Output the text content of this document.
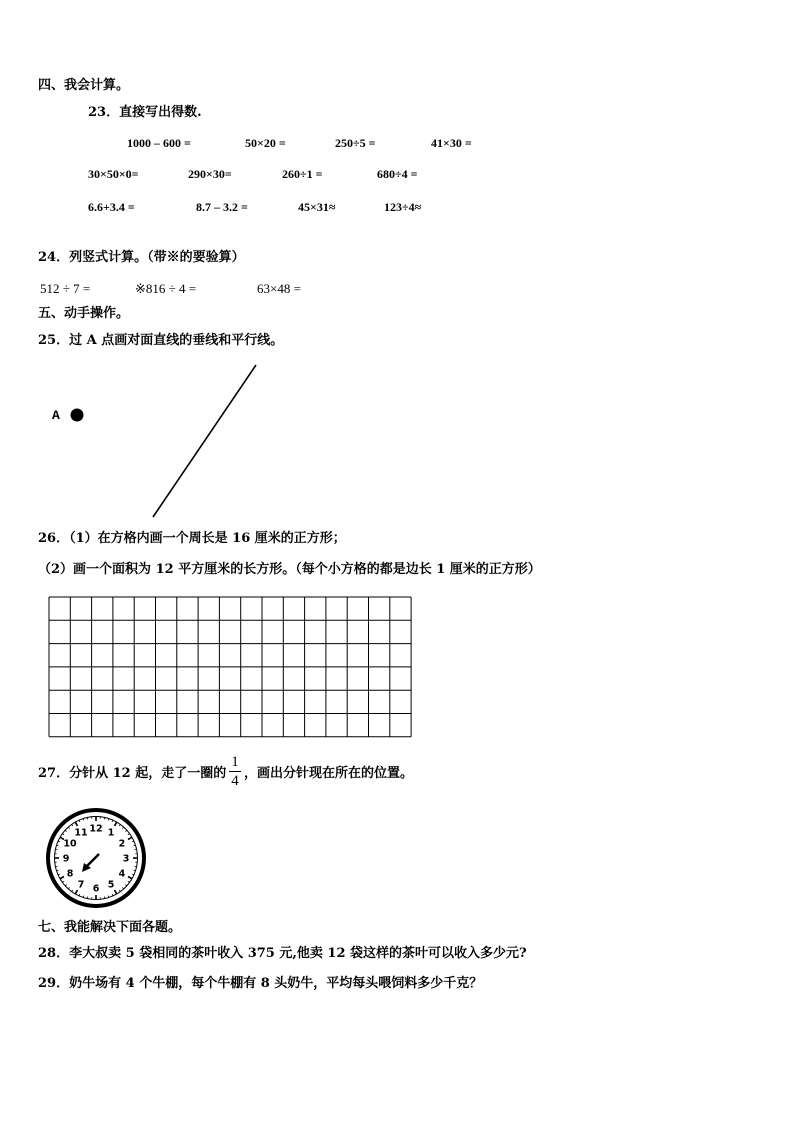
四、我会计算。
23．直接写出得数.
1000 – 600 =	50×20 =	250÷5 =	41×30 =
30×50×0=	290×30=	260÷1 =	680÷4 =
6.6+3.4 =	8.7 – 3.2 =	45×31≈	123÷4≈
24．列竖式计算。（带※的要验算）
512 ÷ 7 =	※816 ÷ 4 =	63×48 =
五、动手操作。
25．过 A 点画对面直线的垂线和平行线。
A
26．（1）在方格内画一个周长是 16 厘米的正方形；
（2）画一个面积为 12 平方厘米的长方形。（每个小方格的都是边长 1 厘米的正方形）
27．分针从 12 起，走了一圈的
1
4 ，画出分针现在所在的位置。
12 1
2
3
4
5
6
7
8
9
10
11
七、我能解决下面各题。
28．李大叔卖 5 袋相同的茶叶收入 375 元,他卖 12 袋这样的茶叶可以收入多少元?
29．奶牛场有 4 个牛棚，每个牛棚有 8 头奶牛，平均每头喂饲料多少千克？
